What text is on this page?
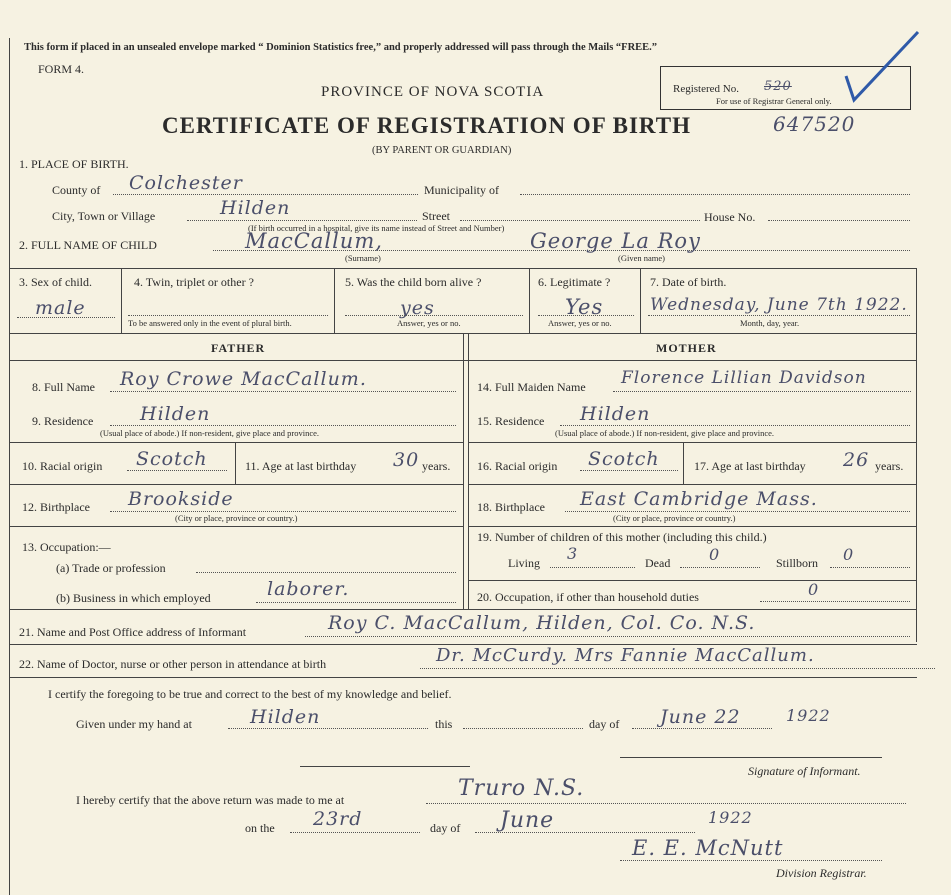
This form if placed in an unsealed envelope marked “ Dominion Statistics free,” and properly addressed will pass through the Mails “FREE.”
FORM 4.
PROVINCE OF NOVA SCOTIA
CERTIFICATE OF REGISTRATION OF BIRTH	647520
(BY PARENT OR GUARDIAN)
Registered No. 520
For use of Registrar General only.
1. PLACE OF BIRTH.
County of Colchester	Municipality of
City, Town or Village	Hilden
(If birth occurred in a hospital, give its name instead of Street and Number)
Street	House No.
2. FULL NAME OF CHILD	MacCallum,	George La Roy
(Surname)	(Given name)
3. Sex of child.
male
4. Twin, triplet or other ?
To be answered only in the event of plural birth.
5. Was the child born alive ?
yes
Answer, yes or no.
6. Legitimate ?
Yes
Answer, yes or no.
7. Date of birth.
Wednesday, June 7th 1922.
Month, day, year.
FATHER	MOTHER
8. Full Name Roy Crowe MacCallum.
9. Residence Hilden
(Usual place of abode.) If non-resident, give place and province.
10. Racial origin Scotch	11. Age at last birthday 30 years.
12. Birthplace Brookside
(City or place, province or country.)
13. Occupation:—
(a) Trade or profession
(b) Business in which employed	laborer.
14. Full Maiden Name Florence Lillian Davidson
15. Residence Hilden
(Usual place of abode.) If non-resident, give place and province.
16. Racial origin Scotch	17. Age at last birthday 26 years.
18. Birthplace East Cambridge Mass.
(City or place, province or country.)
19. Number of children of this mother (including this child.)
Living 3	Dead 0	Stillborn 0
20. Occupation, if other than household duties	0
21. Name and Post Office address of Informant	Roy C. MacCallum, Hilden, Col. Co. N.S.
22. Name of Doctor, nurse or other person in attendance at birth	Dr. McCurdy. Mrs Fannie MacCallum.
I certify the foregoing to be true and correct to the best of my knowledge and belief.
Given under my hand at	Hilden	this	day of June 22	1922
Signature of Informant.
I hereby certify that the above return was made to me at	Truro N.S.
on the 23rd	day of June	1922
E. E. McNutt
Division Registrar.
